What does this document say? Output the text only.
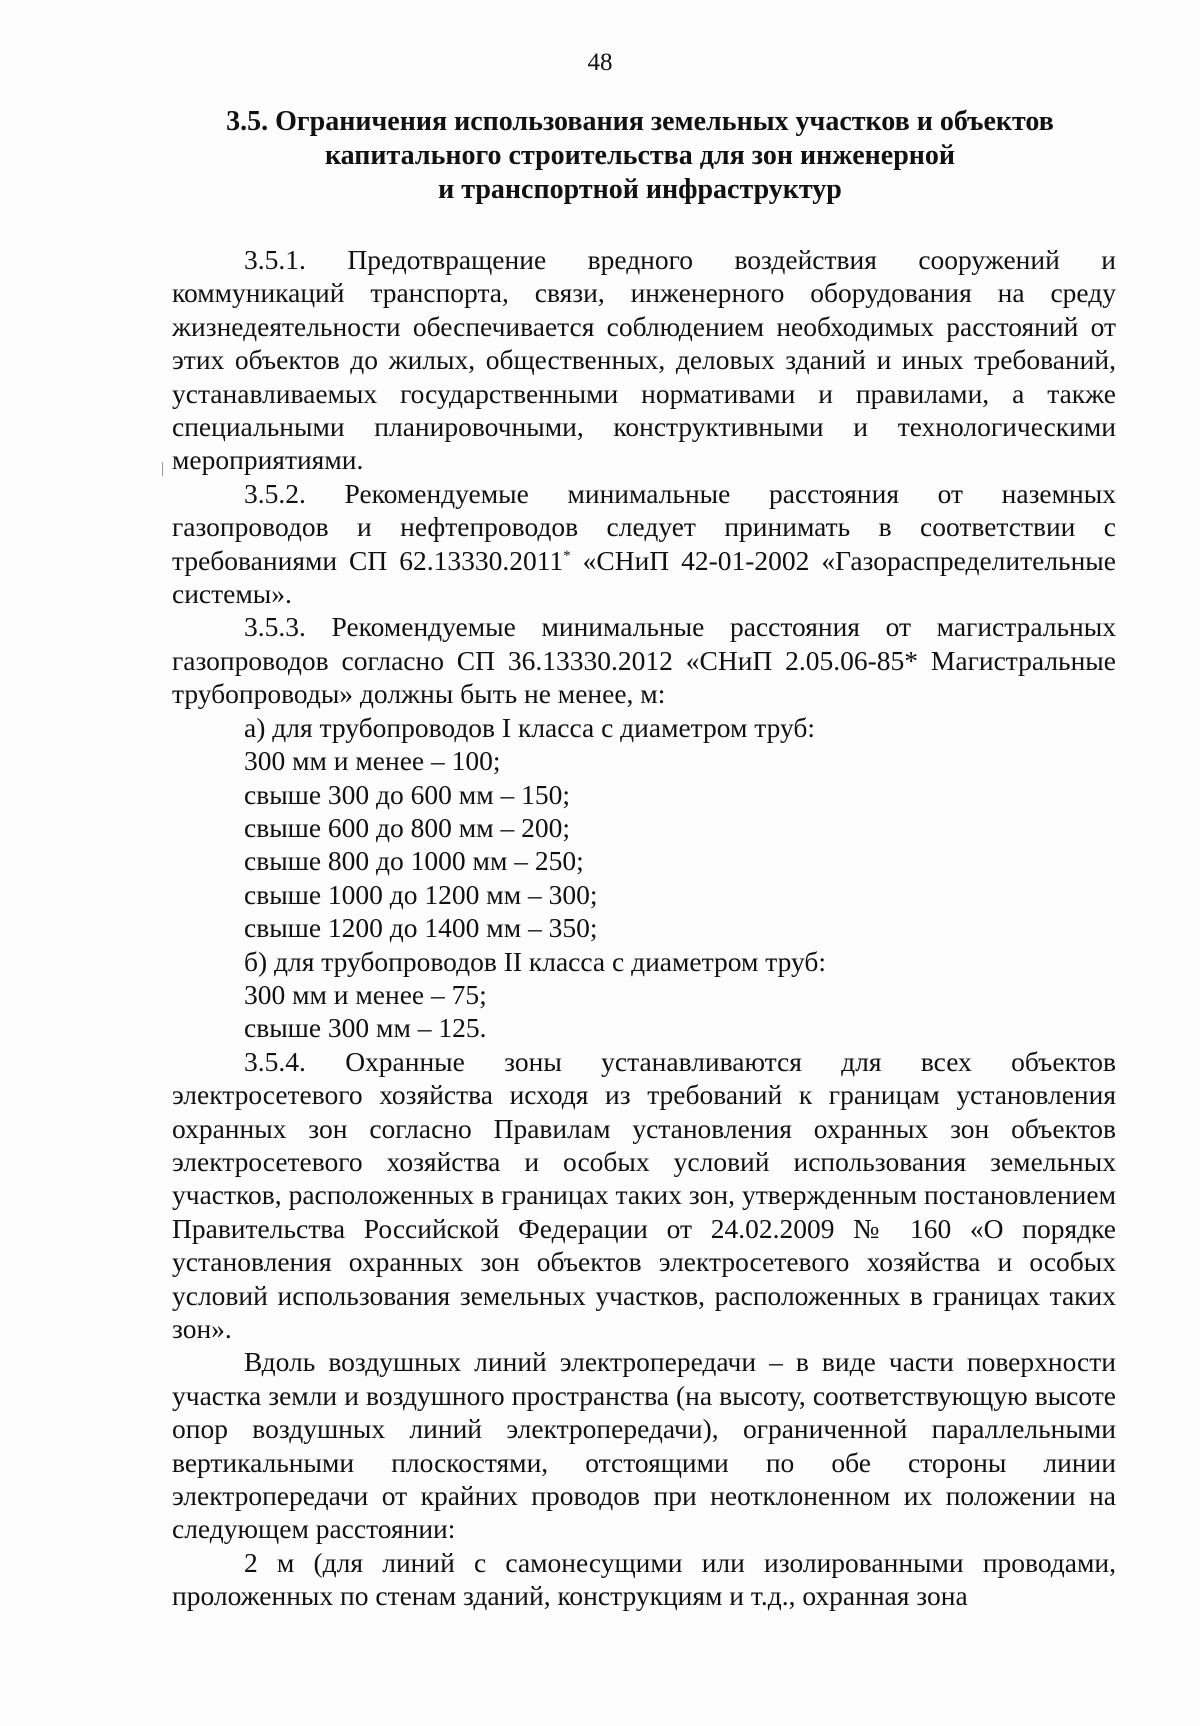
48
3.5. Ограничения использования земельных участков и объектов
капитального строительства для зон инженерной
и транспортной инфраструктур

3.5.1. Предотвращение вредного воздействия сооружений и коммуникаций транспорта, связи, инженерного оборудования на среду жизнедеятельности обеспечивается соблюдением необходимых расстояний от этих объектов до жилых, общественных, деловых зданий и иных требований, устанавливаемых государственными нормативами и правилами, а также специальными планировочными, конструктивными и технологическими мероприятиями.

3.5.2. Рекомендуемые минимальные расстояния от наземных газопроводов и нефтепроводов следует принимать в соответствии с требованиями СП 62.13330.2011* «СНиП 42-01-2002 «Газораспределительные системы».

3.5.3. Рекомендуемые минимальные расстояния от магистральных газопроводов согласно СП 36.13330.2012 «СНиП 2.05.06-85* Магистральные трубопроводы» должны быть не менее, м:

а) для трубопроводов I класса с диаметром труб:

300 мм и менее – 100;

свыше 300 до 600 мм – 150;

свыше 600 до 800 мм – 200;

свыше 800 до 1000 мм – 250;

свыше 1000 до 1200 мм – 300;

свыше 1200 до 1400 мм – 350;

б) для трубопроводов II класса с диаметром труб:

300 мм и менее – 75;

свыше 300 мм – 125.

3.5.4. Охранные зоны устанавливаются для всех объектов электросетевого хозяйства исходя из требований к границам установления охранных зон согласно Правилам установления охранных зон объектов электросетевого хозяйства и особых условий использования земельных участков, расположенных в границах таких зон, утвержденным постановлением Правительства Российской Федерации от 24.02.2009 № 160 «О порядке установления охранных зон объектов электросетевого хозяйства и особых условий использования земельных участков, расположенных в границах таких зон».

Вдоль воздушных линий электропередачи – в виде части поверхности участка земли и воздушного пространства (на высоту, соответствующую высоте опор воздушных линий электропередачи), ограниченной параллельными вертикальными плоскостями, отстоящими по обе стороны линии электропередачи от крайних проводов при неотклоненном их положении на следующем расстоянии:

2 м (для линий с самонесущими или изолированными проводами, проложенных по стенам зданий, конструкциям и т.д., охранная зона
